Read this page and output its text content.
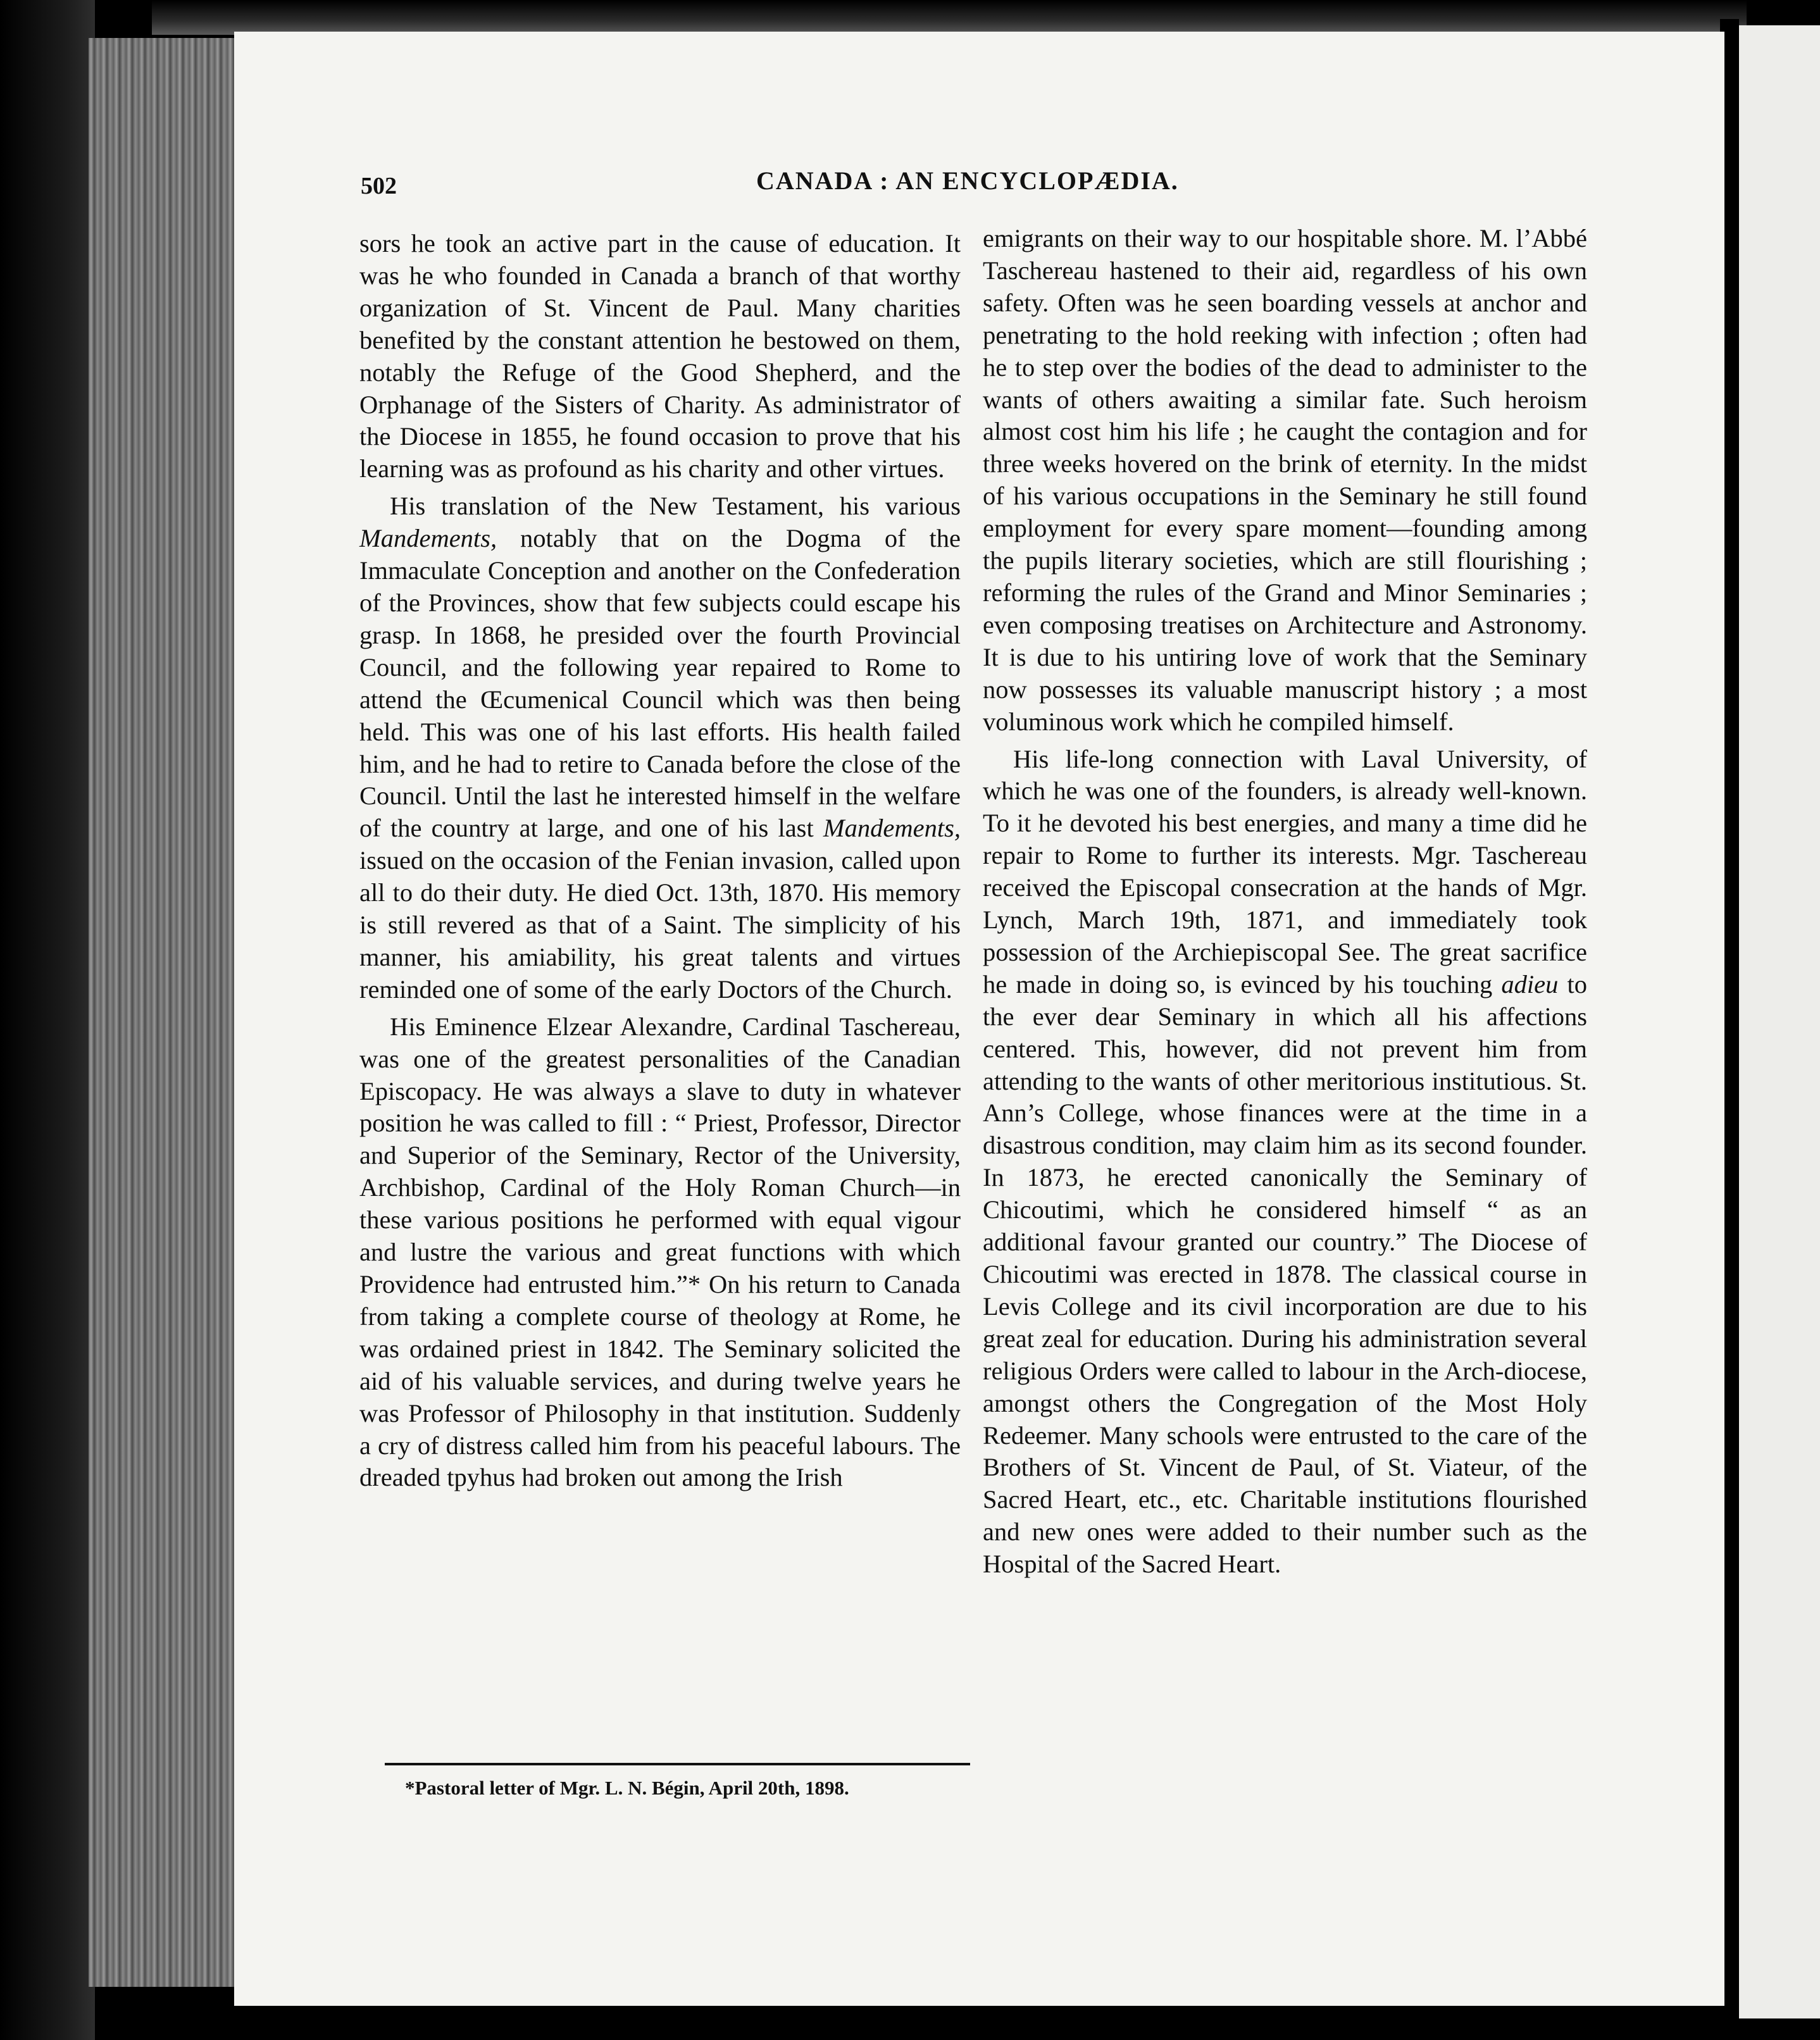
502	CANADA : AN ENCYCLOPÆDIA.

sors he took an active part in the cause of education. It was he who founded in Canada a branch of that worthy organization of St. Vincent de Paul. Many charities benefited by the constant attention he bestowed on them, notably the Refuge of the Good Shepherd, and the Orphanage of the Sisters of Charity. As administrator of the Diocese in 1855, he found occasion to prove that his learning was as profound as his charity and other virtues.

His translation of the New Testament, his various Mandements, notably that on the Dogma of the Immaculate Conception and another on the Confederation of the Provinces, show that few subjects could escape his grasp. In 1868, he presided over the fourth Provincial Council, and the following year repaired to Rome to attend the Œcumenical Council which was then being held. This was one of his last efforts. His health failed him, and he had to retire to Canada before the close of the Council. Until the last he interested himself in the welfare of the country at large, and one of his last Mandements, issued on the occasion of the Fenian invasion, called upon all to do their duty. He died Oct. 13th, 1870. His memory is still revered as that of a Saint. The simplicity of his manner, his amiability, his great talents and virtues reminded one of some of the early Doctors of the Church.

His Eminence Elzear Alexandre, Cardinal Taschereau, was one of the greatest personalities of the Canadian Episcopacy. He was always a slave to duty in whatever position he was called to fill : “ Priest, Professor, Director and Superior of the Seminary, Rector of the University, Archbishop, Cardinal of the Holy Roman Church—in these various positions he performed with equal vigour and lustre the various and great functions with which Providence had entrusted him.”* On his return to Canada from taking a complete course of theology at Rome, he was ordained priest in 1842. The Seminary solicited the aid of his valuable services, and during twelve years he was Professor of Philosophy in that institution. Suddenly a cry of distress called him from his peaceful labours. The dreaded tpyhus had broken out among the Irish

*Pastoral letter of Mgr. L. N. Bégin, April 20th, 1898.

emigrants on their way to our hospitable shore. M. l’Abbé Taschereau hastened to their aid, regardless of his own safety. Often was he seen boarding vessels at anchor and penetrating to the hold reeking with infection ; often had he to step over the bodies of the dead to administer to the wants of others awaiting a similar fate. Such heroism almost cost him his life ; he caught the contagion and for three weeks hovered on the brink of eternity. In the midst of his various occupations in the Seminary he still found employment for every spare moment—founding among the pupils literary societies, which are still flourishing ; reforming the rules of the Grand and Minor Seminaries ; even composing treatises on Architecture and Astronomy. It is due to his untiring love of work that the Seminary now possesses its valuable manuscript history ; a most voluminous work which he compiled himself.

His life-long connection with Laval University, of which he was one of the founders, is already well-known. To it he devoted his best energies, and many a time did he repair to Rome to further its interests. Mgr. Taschereau received the Episcopal consecration at the hands of Mgr. Lynch, March 19th, 1871, and immediately took possession of the Archiepiscopal See. The great sacrifice he made in doing so, is evinced by his touching adieu to the ever dear Seminary in which all his affections centered. This, however, did not prevent him from attending to the wants of other meritorious institutious. St. Ann’s College, whose finances were at the time in a disastrous condition, may claim him as its second founder. In 1873, he erected canonically the Seminary of Chicoutimi, which he considered himself “ as an additional favour granted our country.” The Diocese of Chicoutimi was erected in 1878. The classical course in Levis College and its civil incorporation are due to his great zeal for education. During his administration several religious Orders were called to labour in the Arch-diocese, amongst others the Congregation of the Most Holy Redeemer. Many schools were entrusted to the care of the Brothers of St. Vincent de Paul, of St. Viateur, of the Sacred Heart, etc., etc. Charitable institutions flourished and new ones were added to their number such as the Hospital of the Sacred Heart.
